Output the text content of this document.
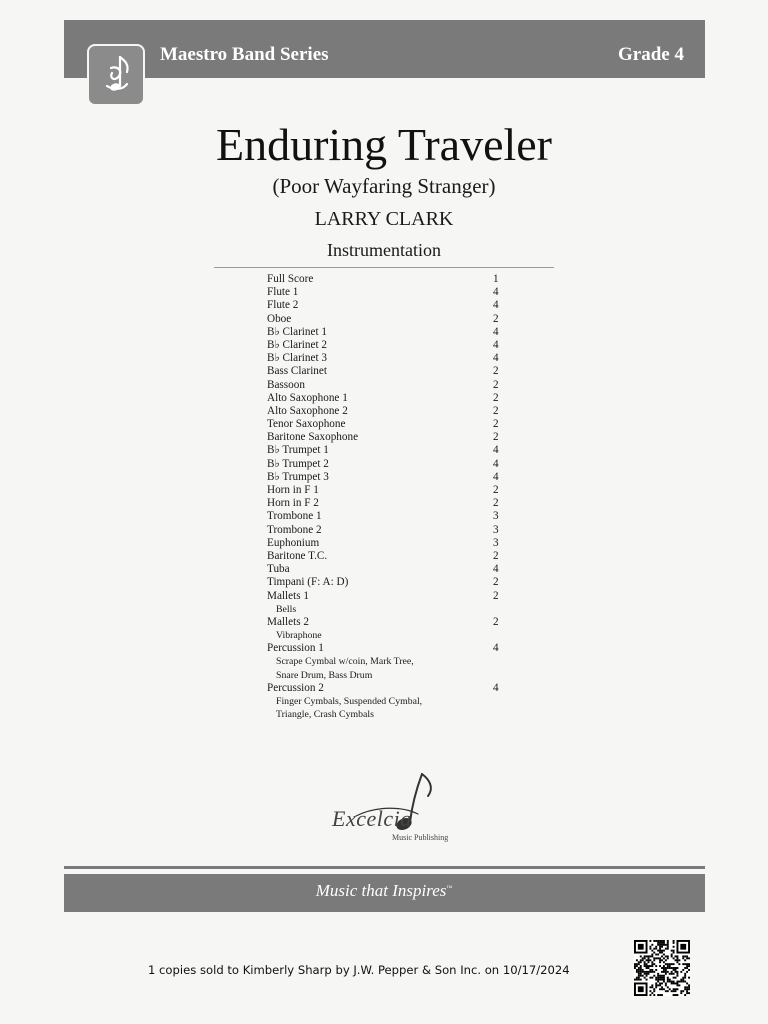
Maestro Band Series	Grade 4
Enduring Traveler
(Poor Wayfaring Stranger)
LARRY CLARK
Instrumentation
Full Score	1
Flute 1	4
Flute 2	4
Oboe	2
B♭ Clarinet 1	4
B♭ Clarinet 2	4
B♭ Clarinet 3	4
Bass Clarinet	2
Bassoon	2
Alto Saxophone 1	2
Alto Saxophone 2	2
Tenor Saxophone	2
Baritone Saxophone	2
B♭ Trumpet 1	4
B♭ Trumpet 2	4
B♭ Trumpet 3	4
Horn in F 1	2
Horn in F 2	2
Trombone 1	3
Trombone 2	3
Euphonium	3
Baritone T.C.	2
Tuba	4
Timpani (F: A: D)	2
Mallets 1	2
Bells
Mallets 2	2
Vibraphone
Percussion 1	4
Scrape Cymbal w/coin, Mark Tree,
Snare Drum, Bass Drum
Percussion 2	4
Finger Cymbals, Suspended Cymbal,
Triangle, Crash Cymbals
Excelcia
Music Publishing
Music that Inspires™
1 copies sold to Kimberly Sharp by J.W. Pepper & Son Inc. on 10/17/2024
